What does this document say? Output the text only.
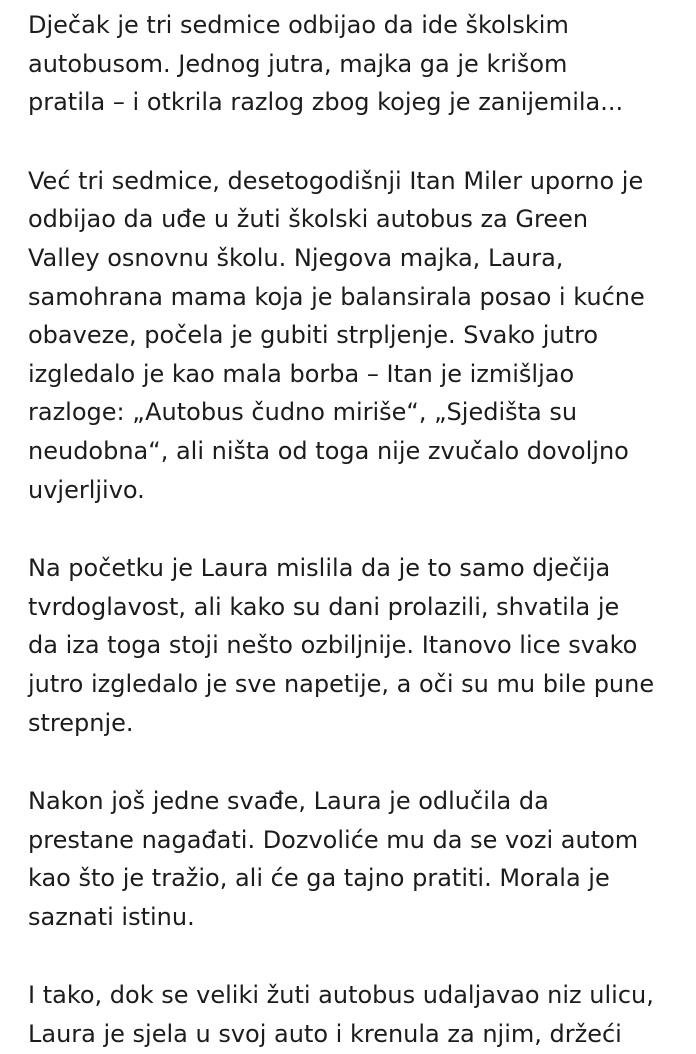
Dječak je tri sedmice odbijao da ide školskim
autobusom. Jednog jutra, majka ga je krišom
pratila – i otkrila razlog zbog kojeg je zanijemila...
Već tri sedmice, desetogodišnji Itan Miler uporno je
odbijao da uđe u žuti školski autobus za Green
Valley osnovnu školu. Njegova majka, Laura,
samohrana mama koja je balansirala posao i kućne
obaveze, počela je gubiti strpljenje. Svako jutro
izgledalo je kao mala borba – Itan je izmišljao
razloge: „Autobus čudno miriše“, „Sjedišta su
neudobna“, ali ništa od toga nije zvučalo dovoljno
uvjerljivo.
Na početku je Laura mislila da je to samo dječija
tvrdoglavost, ali kako su dani prolazili, shvatila je
da iza toga stoji nešto ozbiljnije. Itanovo lice svako
jutro izgledalo je sve napetije, a oči su mu bile pune
strepnje.
Nakon još jedne svađe, Laura je odlučila da
prestane nagađati. Dozvoliće mu da se vozi autom
kao što je tražio, ali će ga tajno pratiti. Morala je
saznati istinu.
I tako, dok se veliki žuti autobus udaljavao niz ulicu,
Laura je sjela u svoj auto i krenula za njim, držeći
